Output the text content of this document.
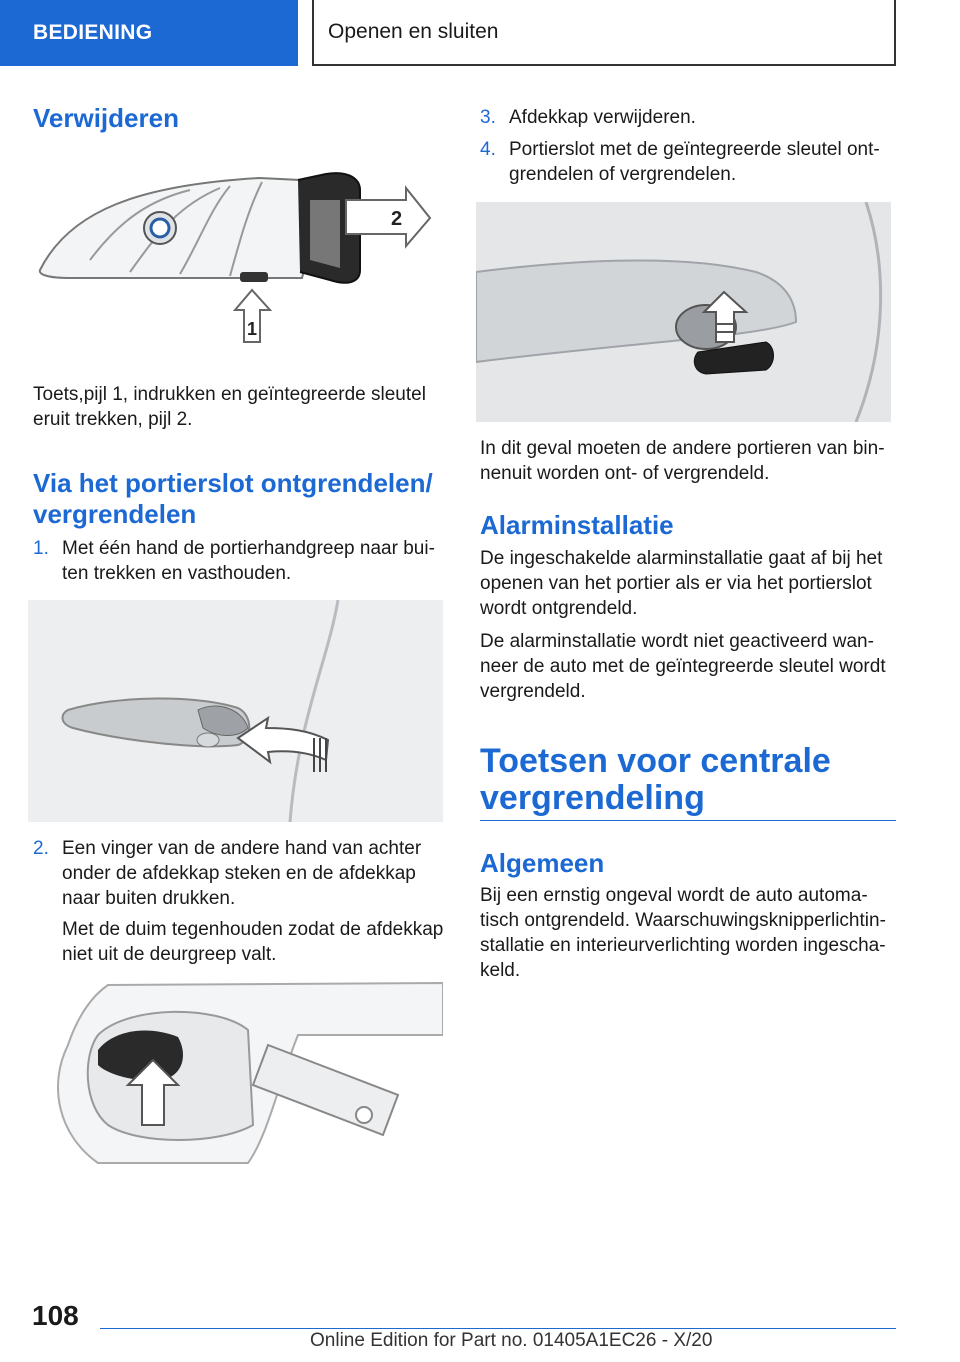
BEDIENING	Openen en sluiten
Verwijderen
2
1
Toets,pijl 1, indrukken en geïntegreerde sleutel eruit trekken, pijl 2.
Via het portierslot ontgrendelen/
vergrendelen
1. Met één hand de portierhandgreep naar buiten trekken en vasthouden.
2. Een vinger van de andere hand van achter onder de afdekkap steken en de afdekkap naar buiten drukken.
Met de duim tegenhouden zodat de afdekkap niet uit de deurgreep valt.
3. Afdekkap verwijderen.
4. Portierslot met de geïntegreerde sleutel ontgrendelen of vergrendelen.
In dit geval moeten de andere portieren van binnenuit worden ont- of vergrendeld.
Alarminstallatie
De ingeschakelde alarminstallatie gaat af bij het openen van het portier als er via het portierslot wordt ontgrendeld.
De alarminstallatie wordt niet geactiveerd wanneer de auto met de geïntegreerde sleutel wordt vergrendeld.
Toetsen voor centrale
vergrendeling
Algemeen
Bij een ernstig ongeval wordt de auto automatisch ontgrendeld. Waarschuwingsknipperlichtinstallatie en interieurverlichting worden ingeschakeld.
108
Online Edition for Part no. 01405A1EC26 - X/20
